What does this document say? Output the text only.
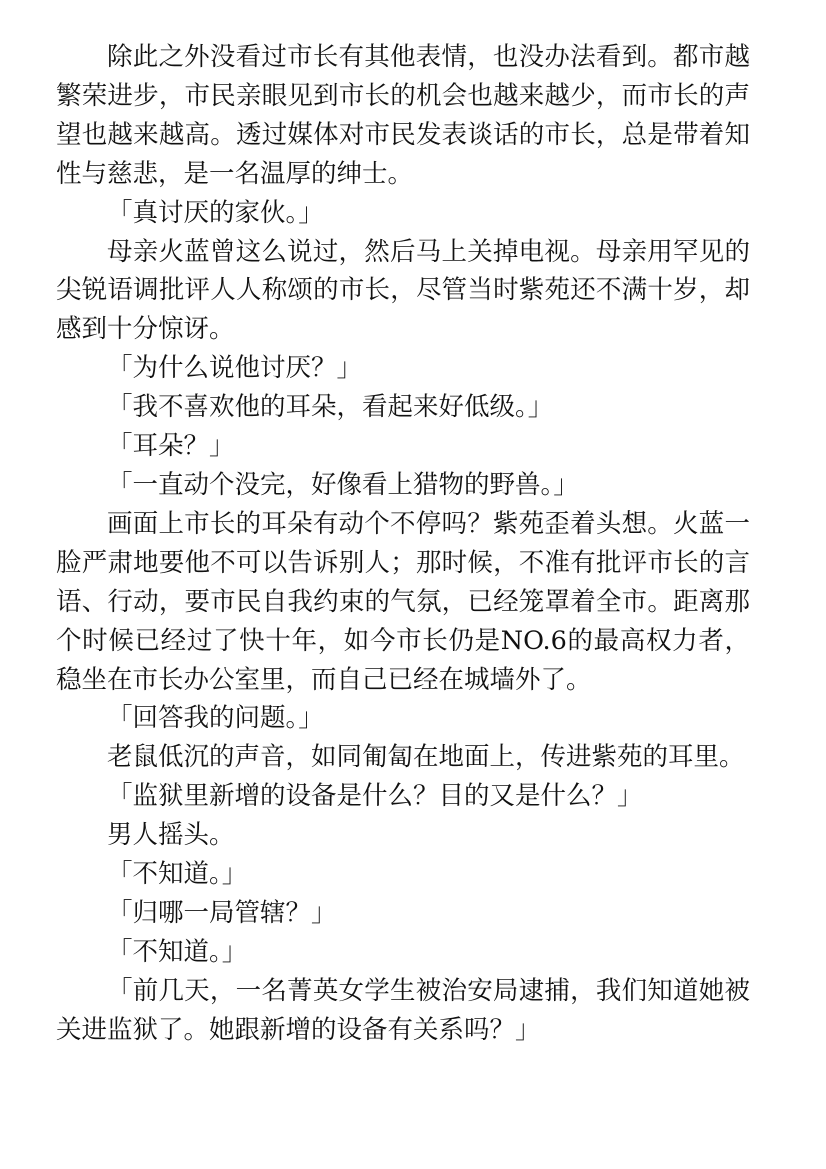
除此之外没看过市长有其他表情，也没办法看到。都市越繁荣进步，市民亲眼见到市长的机会也越来越少，而市长的声望也越来越高。透过媒体对市民发表谈话的市长，总是带着知性与慈悲，是一名温厚的绅士。

「真讨厌的家伙。」

母亲火蓝曾这么说过，然后马上关掉电视。母亲用罕见的尖锐语调批评人人称颂的市长，尽管当时紫苑还不满十岁，却感到十分惊讶。

「为什么说他讨厌？」

「我不喜欢他的耳朵，看起来好低级。」

「耳朵？」

「一直动个没完，好像看上猎物的野兽。」

画面上市长的耳朵有动个不停吗？紫苑歪着头想。火蓝一脸严肃地要他不可以告诉别人；那时候，不准有批评市长的言语、行动，要市民自我约束的气氛，已经笼罩着全市。距离那个时候已经过了快十年，如今市长仍是NO.6的最高权力者，稳坐在市长办公室里，而自己已经在城墙外了。

「回答我的问题。」

老鼠低沉的声音，如同匍匐在地面上，传进紫苑的耳里。

「监狱里新增的设备是什么？目的又是什么？」

男人摇头。

「不知道。」

「归哪一局管辖？」

「不知道。」

「前几天，一名菁英女学生被治安局逮捕，我们知道她被关进监狱了。她跟新增的设备有关系吗？」
